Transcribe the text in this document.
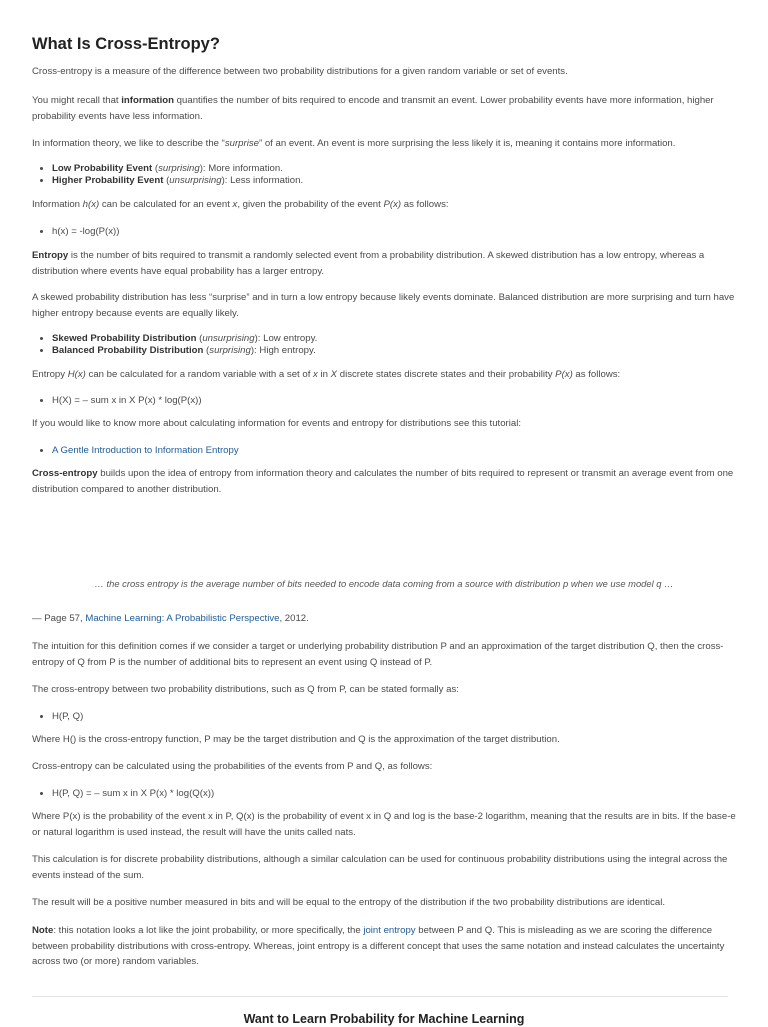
What Is Cross-Entropy?

Cross-entropy is a measure of the difference between two probability distributions for a given random variable or set of events.

You might recall that information quantifies the number of bits required to encode and transmit an event. Lower probability events have more information, higher probability events have less information.

In information theory, we like to describe the “surprise” of an event. An event is more surprising the less likely it is, meaning it contains more information.

• Low Probability Event (surprising): More information.
• Higher Probability Event (unsurprising): Less information.

Information h(x) can be calculated for an event x, given the probability of the event P(x) as follows:

• h(x) = -log(P(x))

Entropy is the number of bits required to transmit a randomly selected event from a probability distribution. A skewed distribution has a low entropy, whereas a distribution where events have equal probability has a larger entropy.

A skewed probability distribution has less “surprise” and in turn a low entropy because likely events dominate. Balanced distribution are more surprising and turn have higher entropy because events are equally likely.

• Skewed Probability Distribution (unsurprising): Low entropy.
• Balanced Probability Distribution (surprising): High entropy.

Entropy H(x) can be calculated for a random variable with a set of x in X discrete states discrete states and their probability P(x) as follows:

• H(X) = – sum x in X P(x) * log(P(x))

If you would like to know more about calculating information for events and entropy for distributions see this tutorial:

• A Gentle Introduction to Information Entropy

Cross-entropy builds upon the idea of entropy from information theory and calculates the number of bits required to represent or transmit an average event from one distribution compared to another distribution.

… the cross entropy is the average number of bits needed to encode data coming from a source with distribution p when we use model q …

— Page 57, Machine Learning: A Probabilistic Perspective, 2012.

The intuition for this definition comes if we consider a target or underlying probability distribution P and an approximation of the target distribution Q, then the cross-entropy of Q from P is the number of additional bits to represent an event using Q instead of P.

The cross-entropy between two probability distributions, such as Q from P, can be stated formally as:

• H(P, Q)

Where H() is the cross-entropy function, P may be the target distribution and Q is the approximation of the target distribution.

Cross-entropy can be calculated using the probabilities of the events from P and Q, as follows:

• H(P, Q) = – sum x in X P(x) * log(Q(x))

Where P(x) is the probability of the event x in P, Q(x) is the probability of event x in Q and log is the base-2 logarithm, meaning that the results are in bits. If the base-e or natural logarithm is used instead, the result will have the units called nats.

This calculation is for discrete probability distributions, although a similar calculation can be used for continuous probability distributions using the integral across the events instead of the sum.

The result will be a positive number measured in bits and will be equal to the entropy of the distribution if the two probability distributions are identical.

Note: this notation looks a lot like the joint probability, or more specifically, the joint entropy between P and Q. This is misleading as we are scoring the difference between probability distributions with cross-entropy. Whereas, joint entropy is a different concept that uses the same notation and instead calculates the uncertainty across two (or more) random variables.

Want to Learn Probability for Machine Learning
